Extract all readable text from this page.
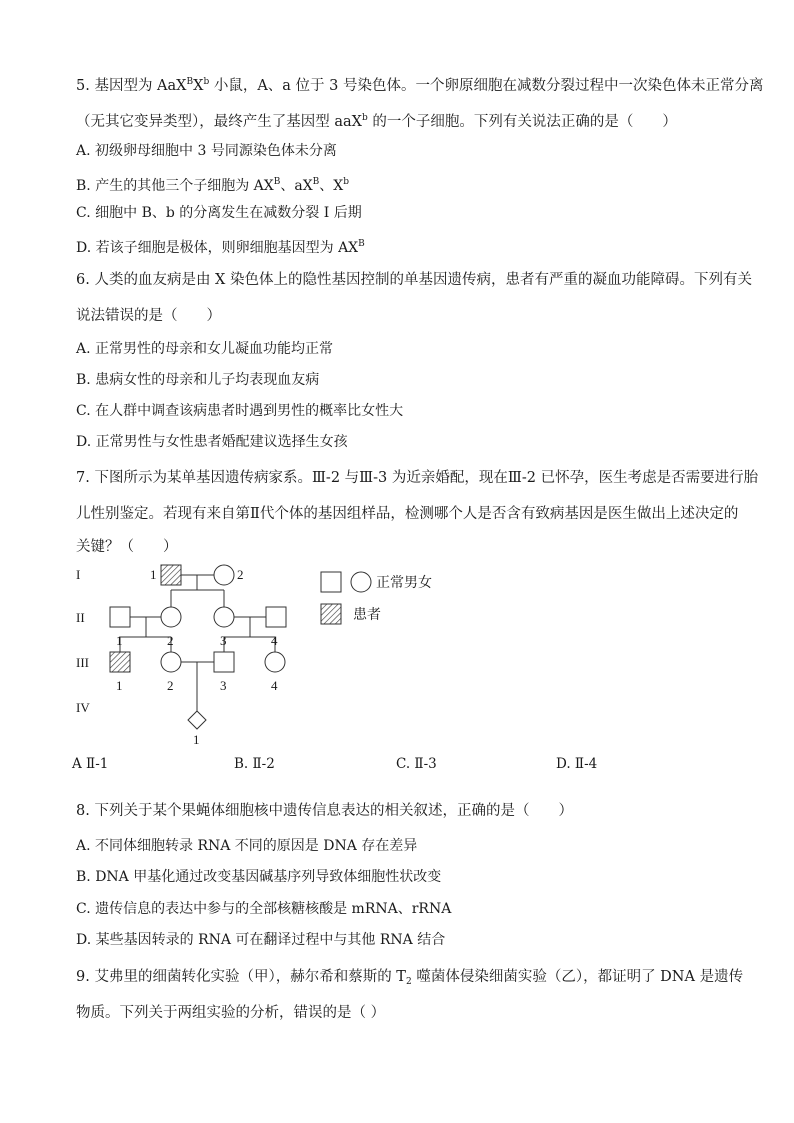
5. 基因型为 $AaX^BX^b$ 小鼠，A、a 位于 3 号染色体。一个卵原细胞在减数分裂过程中一次染色体未正常分离
（无其它变异类型），最终产生了基因型 aaX$^b$ 的一个子细胞。下列有关说法正确的是（　　）
A. 初级卵母细胞中 3 号同源染色体未分离
B. 产生的其他三个子细胞为 $AX^B$、$aX^B$、$X^b$
C. 细胞中 B、b 的分离发生在减数分裂 I 后期
D. 若该子细胞是极体，则卵细胞基因型为 $AX^B$
6. 人类的血友病是由 X 染色体上的隐性基因控制的单基因遗传病，患者有严重的凝血功能障碍。下列有关
说法错误的是（　　）
A. 正常男性的母亲和女儿凝血功能均正常
B. 患病女性的母亲和儿子均表现血友病
C. 在人群中调查该病患者时遇到男性的概率比女性大
D. 正常男性与女性患者婚配建议选择生女孩
7. 下图所示为某单基因遗传病家系。Ⅲ-2 与Ⅲ-3 为近亲婚配，现在Ⅲ-2 已怀孕，医生考虑是否需要进行胎
儿性别鉴定。若现有来自第Ⅱ代个体的基因组样品，检测哪个人是否含有致病基因是医生做出上述决定的
关键？（　　）
I
II
III
IV
1	2
1	2	3	4
1	2	3	4
1
正常男女
患者
A Ⅱ-1	B. Ⅱ-2	C. Ⅱ-3	D. Ⅱ-4
8. 下列关于某个果蝇体细胞核中遗传信息表达的相关叙述，正确的是（　　）
A. 不同体细胞转录 RNA 不同的原因是 DNA 存在差异
B. DNA 甲基化通过改变基因碱基序列导致体细胞性状改变
C. 遗传信息的表达中参与的全部核糖核酸是 mRNA、rRNA
D. 某些基因转录的 RNA 可在翻译过程中与其他 RNA 结合
9. 艾弗里的细菌转化实验（甲），赫尔希和蔡斯的 $T_2$ 噬菌体侵染细菌实验（乙），都证明了 DNA 是遗传
物质。下列关于两组实验的分析，错误的是（ ）
